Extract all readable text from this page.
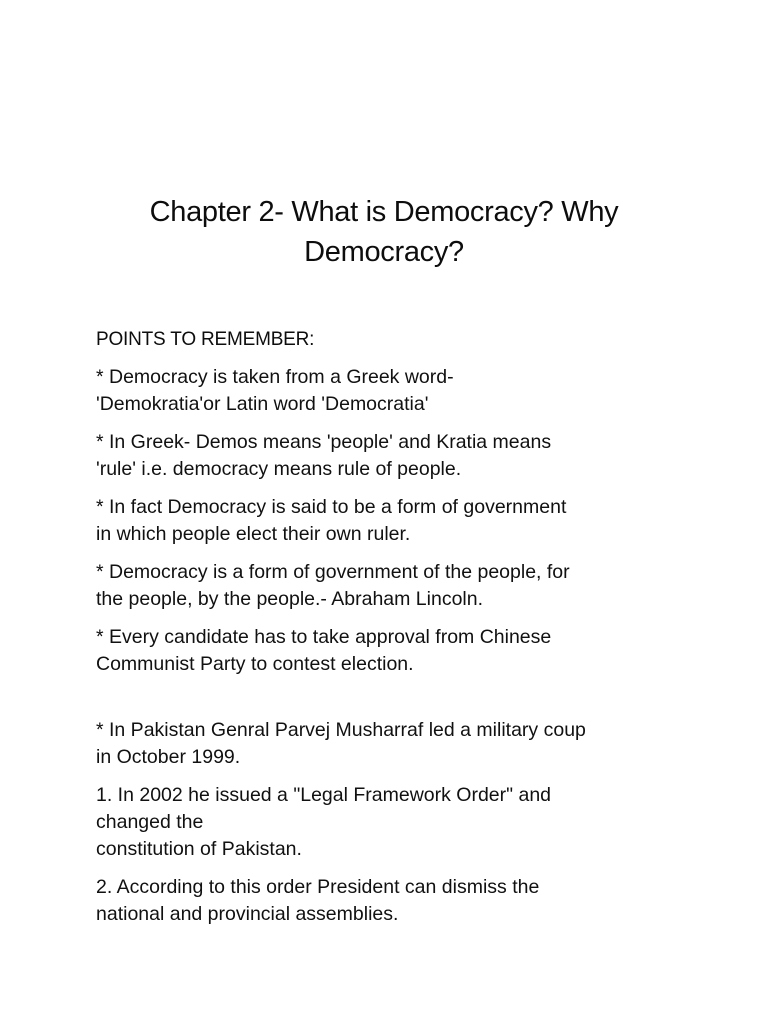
Chapter 2- What is Democracy? Why
Democracy?

POINTS TO REMEMBER:

* Democracy is taken from a Greek word-
'Demokratia'or Latin word 'Democratia'

* In Greek- Demos means 'people' and Kratia means
'rule' i.e. democracy means rule of people.

* In fact Democracy is said to be a form of government
in which people elect their own ruler.

* Democracy is a form of government of the people, for
the people, by the people.- Abraham Lincoln.

* Every candidate has to take approval from Chinese
Communist Party to contest election.

* In Pakistan Genral Parvej Musharraf led a military coup
in October 1999.

1. In 2002 he issued a "Legal Framework Order" and
changed the
constitution of Pakistan.

2. According to this order President can dismiss the
national and provincial assemblies.
